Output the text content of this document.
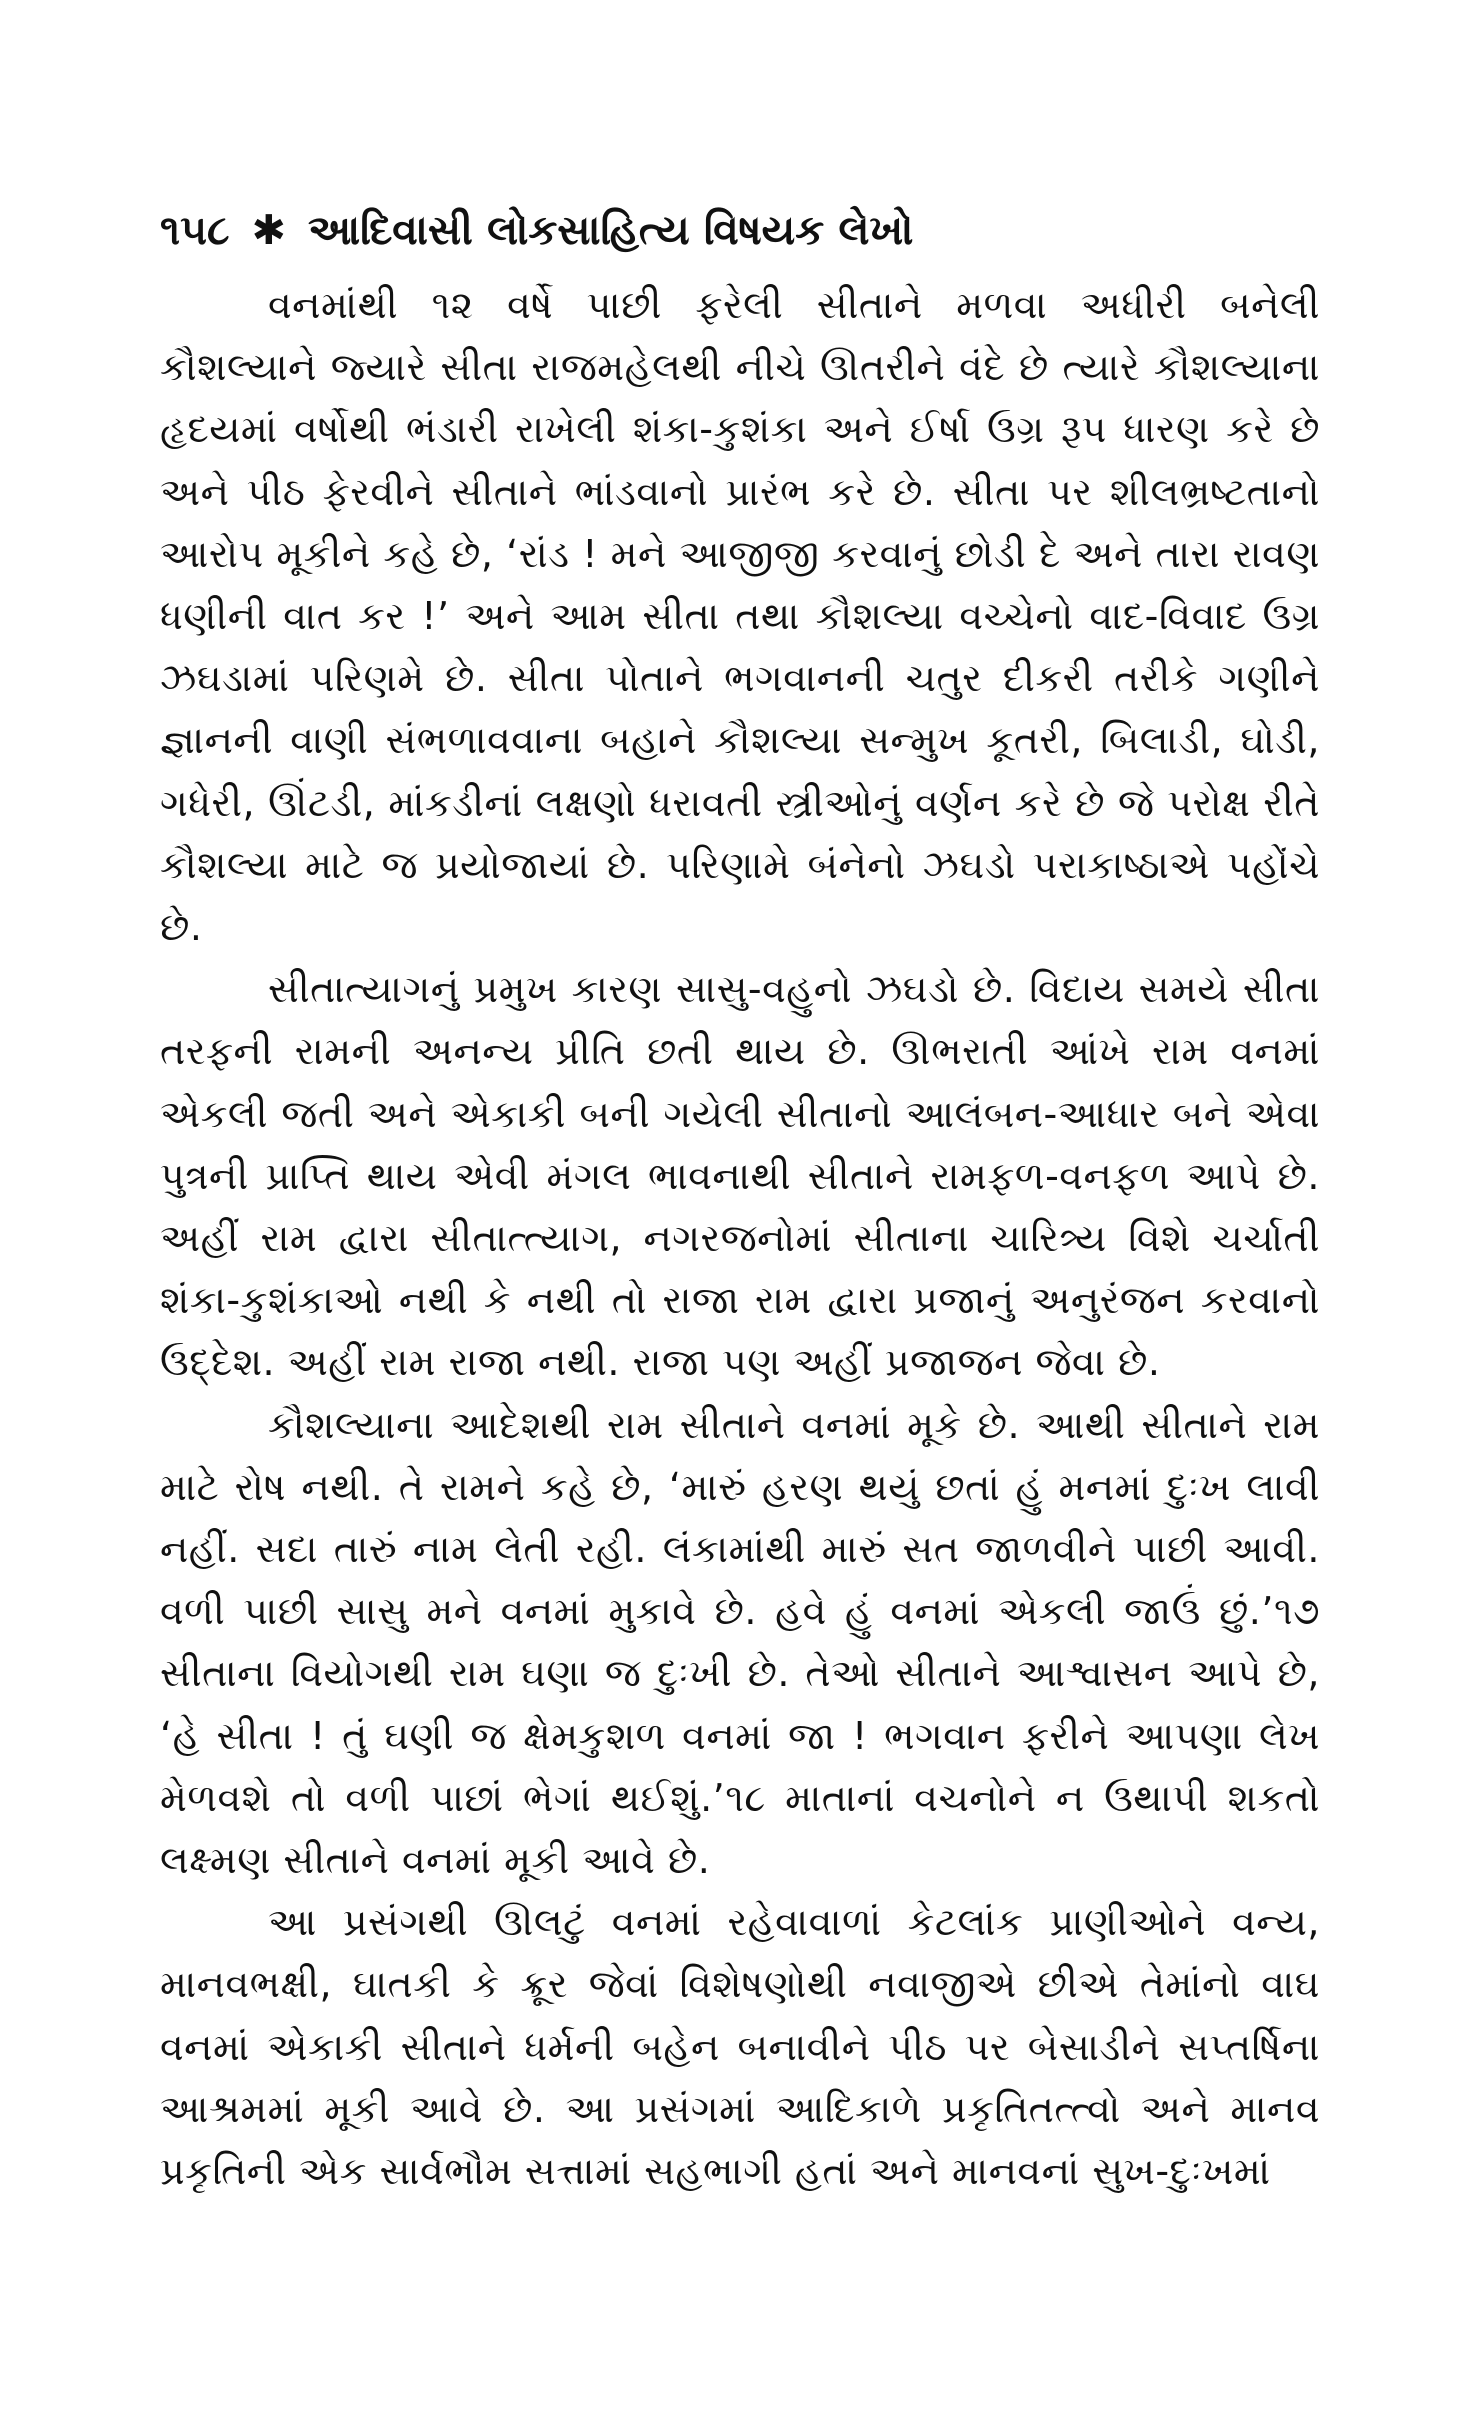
૧૫૮ ✱ આદિવાસી લોકસાહિત્ય વિષયક લેખો

વનમાંથી ૧૨ વર્ષે પાછી ફરેલી સીતાને મળવા અધીરી બનેલી કૌશલ્યાને જ્યારે સીતા રાજમહેલથી નીચે ઊતરીને વંદે છે ત્યારે કૌશલ્યાના હૃદયમાં વર્ષોથી ભંડારી રાખેલી શંકા-કુશંકા અને ઈર્ષા ઉગ્ર રૂપ ધારણ કરે છે અને પીઠ ફેરવીને સીતાને ભાંડવાનો પ્રારંભ કરે છે. સીતા પર શીલભ્રષ્ટતાનો આરોપ મૂકીને કહે છે, ‘રાંડ ! મને આજીજી કરવાનું છોડી દે અને તારા રાવણ ધણીની વાત કર !’ અને આમ સીતા તથા કૌશલ્યા વચ્ચેનો વાદ-વિવાદ ઉગ્ર ઝઘડામાં પરિણમે છે. સીતા પોતાને ભગવાનની ચતુર દીકરી તરીકે ગણીને જ્ઞાનની વાણી સંભળાવવાના બહાને કૌશલ્યા સન્મુખ કૂતરી, બિલાડી, ઘોડી, ગધેરી, ઊંટડી, માંકડીનાં લક્ષણો ધરાવતી સ્ત્રીઓનું વર્ણન કરે છે જે પરોક્ષ રીતે કૌશલ્યા માટે જ પ્રયોજાયાં છે. પરિણામે બંનેનો ઝઘડો પરાકાષ્ઠાએ પહોંચે છે.

સીતાત્યાગનું પ્રમુખ કારણ સાસુ-વહુનો ઝઘડો છે. વિદાય સમયે સીતા તરફની રામની અનન્ય પ્રીતિ છતી થાય છે. ઊભરાતી આંખે રામ વનમાં એકલી જતી અને એકાકી બની ગયેલી સીતાનો આલંબન-આધાર બને એવા પુત્રની પ્રાપ્તિ થાય એવી મંગલ ભાવનાથી સીતાને રામફળ-વનફળ આપે છે. અહીં રામ દ્વારા સીતાત્ત્યાગ, નગરજનોમાં સીતાના ચારિત્ર્ય વિશે ચર્ચાતી શંકા-કુશંકાઓ નથી કે નથી તો રાજા રામ દ્વારા પ્રજાનું અનુરંજન કરવાનો ઉદ્દેશ. અહીં રામ રાજા નથી. રાજા પણ અહીં પ્રજાજન જેવા છે.

કૌશલ્યાના આદેશથી રામ સીતાને વનમાં મૂકે છે. આથી સીતાને રામ માટે રોષ નથી. તે રામને કહે છે, ‘મારું હરણ થયું છતાં હું મનમાં દુઃખ લાવી નહીં. સદા તારું નામ લેતી રહી. લંકામાંથી મારું સત જાળવીને પાછી આવી. વળી પાછી સાસુ મને વનમાં મુકાવે છે. હવે હું વનમાં એકલી જાઉં છું.’૧૭ સીતાના વિયોગથી રામ ઘણા જ દુઃખી છે. તેઓ સીતાને આશ્વાસન આપે છે, ‘હે સીતા ! તું ઘણી જ ક્ષેમકુશળ વનમાં જા ! ભગવાન ફરીને આપણા લેખ મેળવશે તો વળી પાછાં ભેગાં થઈશું.’૧૮ માતાનાં વચનોને ન ઉથાપી શકતો લક્ષ્મણ સીતાને વનમાં મૂકી આવે છે.

આ પ્રસંગથી ઊલટું વનમાં રહેવાવાળાં કેટલાંક પ્રાણીઓને વન્ય, માનવભક્ષી, ઘાતકી કે ક્રૂર જેવાં વિશેષણોથી નવાજીએ છીએ તેમાંનો વાઘ વનમાં એકાકી સીતાને ધર્મની બહેન બનાવીને પીઠ પર બેસાડીને સપ્તર્ષિના આશ્રમમાં મૂકી આવે છે. આ પ્રસંગમાં આદિકાળે પ્રકૃતિતત્ત્વો અને માનવ પ્રકૃતિની એક સાર્વભૌમ સત્તામાં સહભાગી હતાં અને માનવનાં સુખ-દુઃખમાં
